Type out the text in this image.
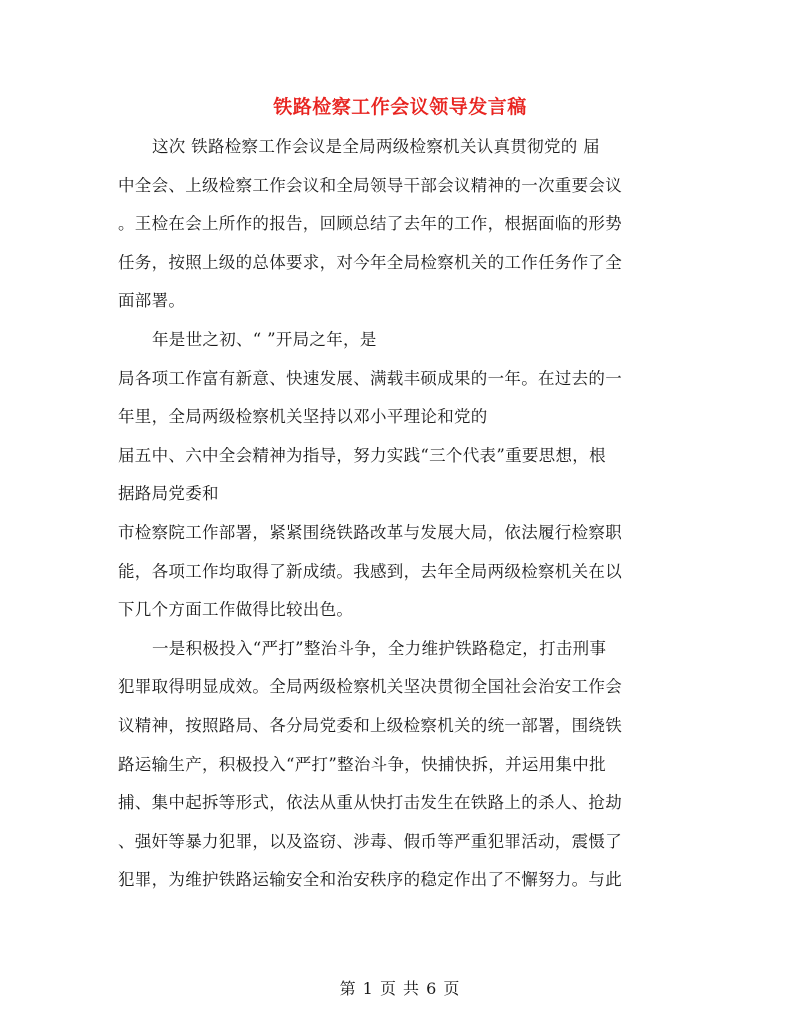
铁路检察工作会议领导发言稿
这次 铁路检察工作会议是全局两级检察机关认真贯彻党的 届
中全会、上级检察工作会议和全局领导干部会议精神的一次重要会议
。王检在会上所作的报告，回顾总结了去年的工作，根据面临的形势
任务，按照上级的总体要求，对今年全局检察机关的工作任务作了全
面部署。
年是世之初、“ ”开局之年，是
局各项工作富有新意、快速发展、满载丰硕成果的一年。在过去的一
年里，全局两级检察机关坚持以邓小平理论和党的
届五中、六中全会精神为指导，努力实践“三个代表”重要思想，根
据路局党委和
市检察院工作部署，紧紧围绕铁路改革与发展大局，依法履行检察职
能，各项工作均取得了新成绩。我感到，去年全局两级检察机关在以
下几个方面工作做得比较出色。
一是积极投入“严打”整治斗争，全力维护铁路稳定，打击刑事
犯罪取得明显成效。全局两级检察机关坚决贯彻全国社会治安工作会
议精神，按照路局、各分局党委和上级检察机关的统一部署，围绕铁
路运输生产，积极投入“严打”整治斗争，快捕快拆，并运用集中批
捕、集中起拆等形式，依法从重从快打击发生在铁路上的杀人、抢劫
、强奸等暴力犯罪，以及盗窃、涉毒、假币等严重犯罪活动，震慑了
犯罪，为维护铁路运输安全和治安秩序的稳定作出了不懈努力。与此
第 1 页 共 6 页
